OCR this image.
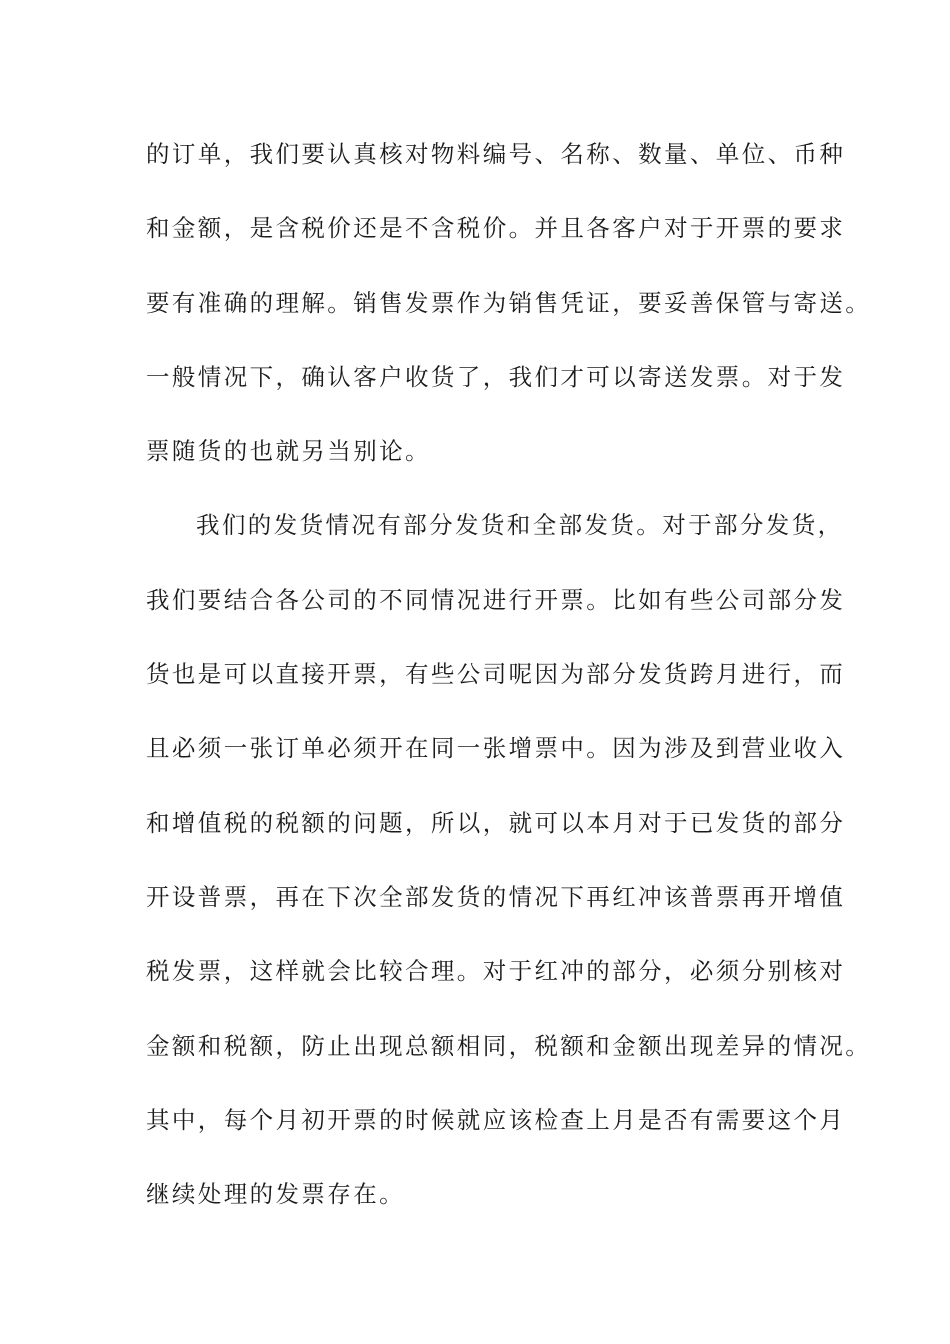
的订单，我们要认真核对物料编号、名称、数量、单位、币种
和金额，是含税价还是不含税价。并且各客户对于开票的要求
要有准确的理解。销售发票作为销售凭证，要妥善保管与寄送。
一般情况下，确认客户收货了，我们才可以寄送发票。对于发
票随货的也就另当别论。
我们的发货情况有部分发货和全部发货。对于部分发货，
我们要结合各公司的不同情况进行开票。比如有些公司部分发
货也是可以直接开票，有些公司呢因为部分发货跨月进行，而
且必须一张订单必须开在同一张增票中。因为涉及到营业收入
和增值税的税额的问题，所以，就可以本月对于已发货的部分
开设普票，再在下次全部发货的情况下再红冲该普票再开增值
税发票，这样就会比较合理。对于红冲的部分，必须分别核对
金额和税额，防止出现总额相同，税额和金额出现差异的情况。
其中，每个月初开票的时候就应该检查上月是否有需要这个月
继续处理的发票存在。
